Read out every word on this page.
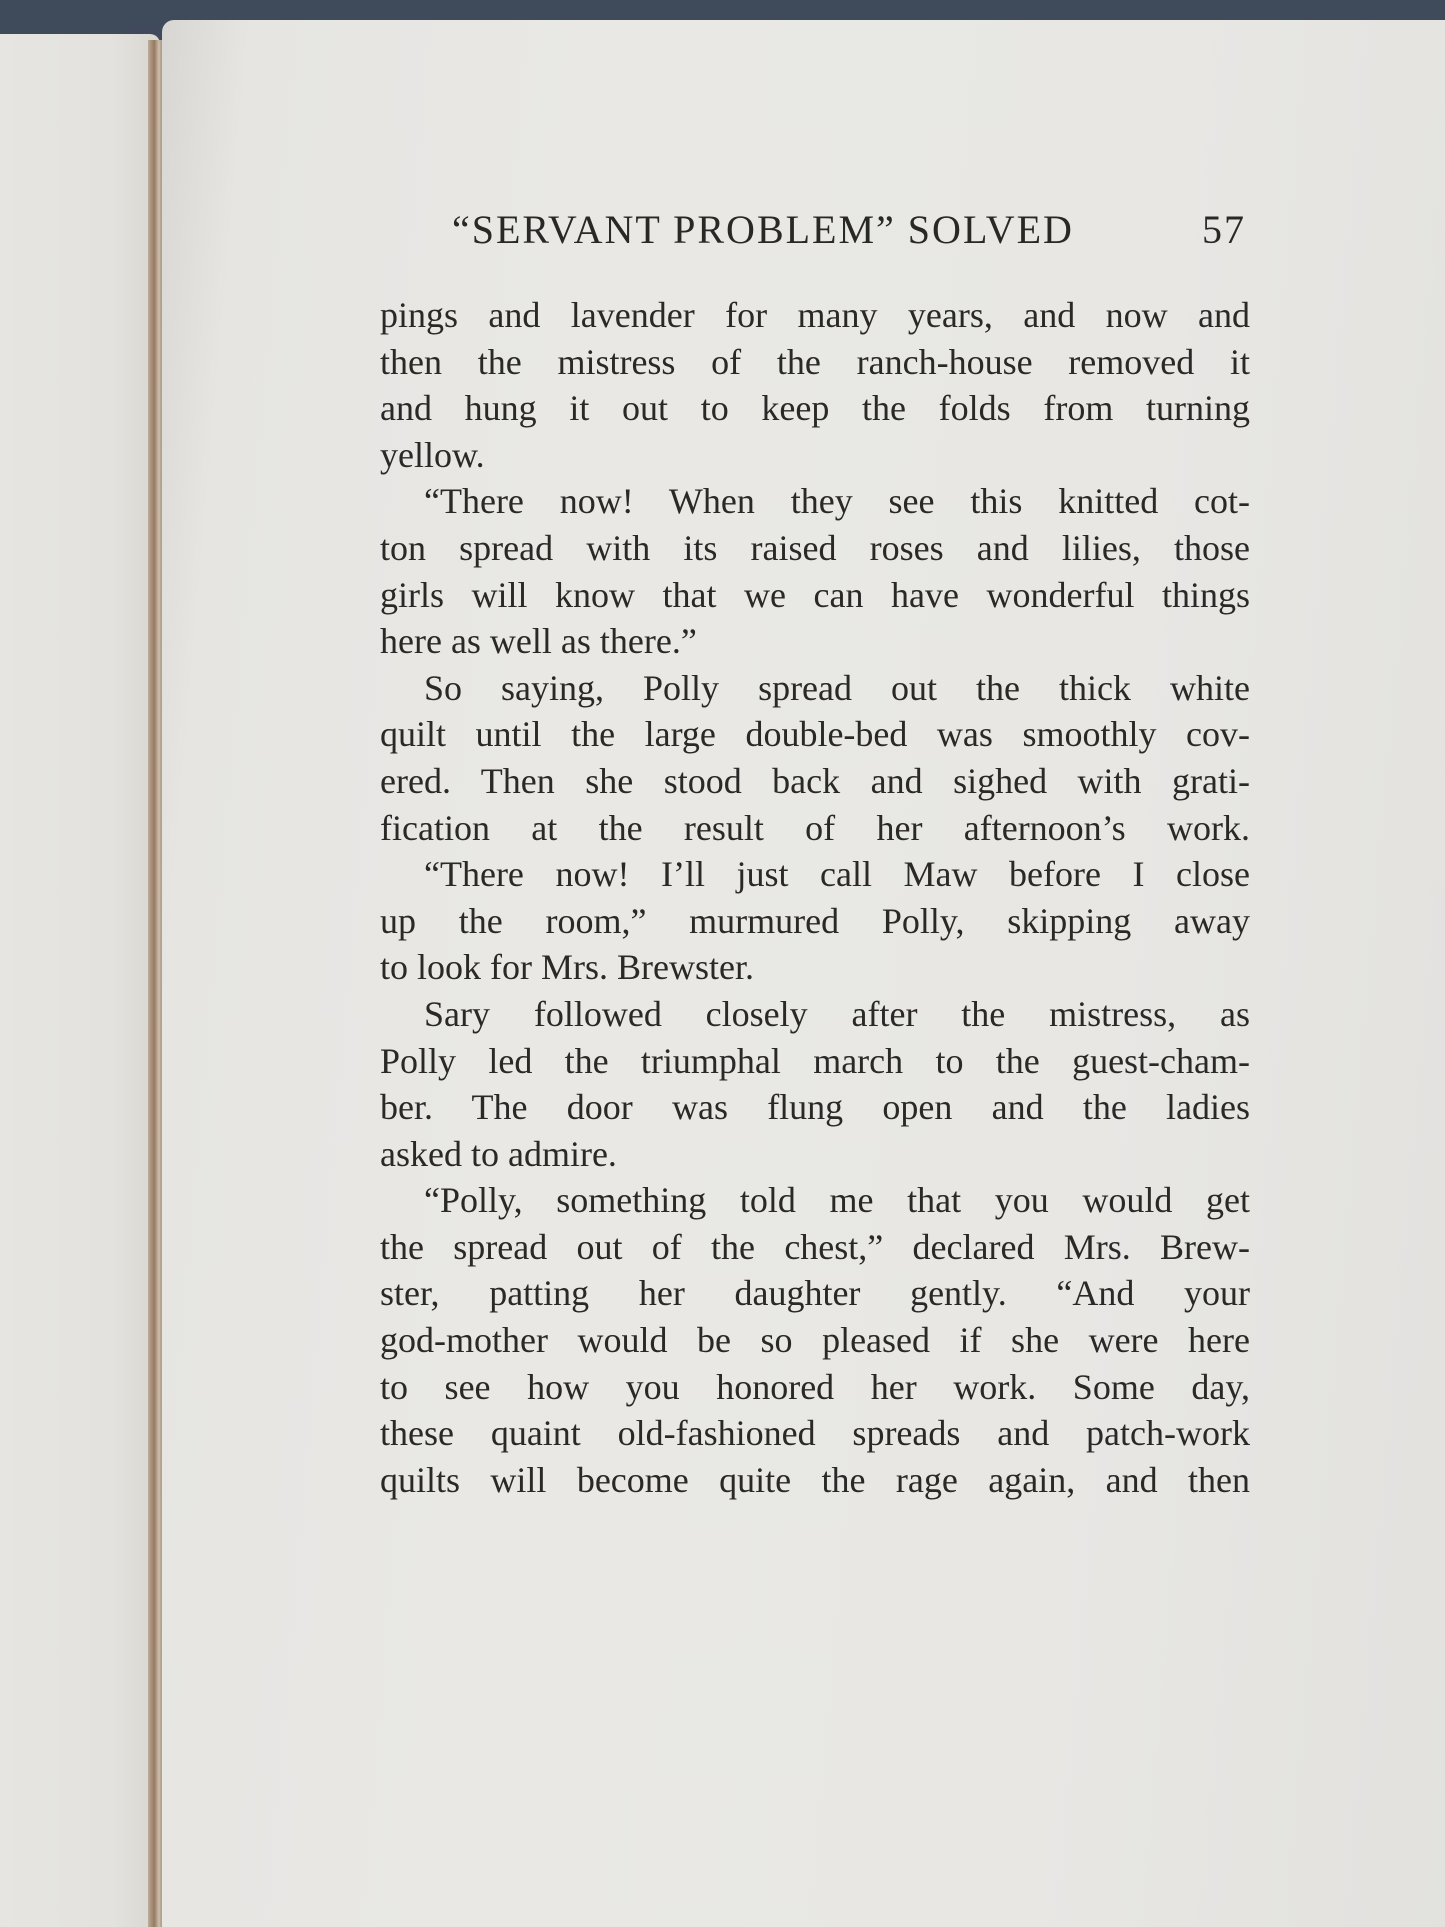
“SERVANT PROBLEM” SOLVED	57
pings and lavender for many years, and now and
then the mistress of the ranch-house removed it
and hung it out to keep the folds from turning
yellow.
“There now! When they see this knitted cot-
ton spread with its raised roses and lilies, those
girls will know that we can have wonderful things
here as well as there.”
So saying, Polly spread out the thick white
quilt until the large double-bed was smoothly cov-
ered. Then she stood back and sighed with grati-
fication at the result of her afternoon’s work.
“There now! I’ll just call Maw before I close
up the room,” murmured Polly, skipping away
to look for Mrs. Brewster.
Sary followed closely after the mistress, as
Polly led the triumphal march to the guest-cham-
ber. The door was flung open and the ladies
asked to admire.
“Polly, something told me that you would get
the spread out of the chest,” declared Mrs. Brew-
ster, patting her daughter gently. “And your
god-mother would be so pleased if she were here
to see how you honored her work. Some day,
these quaint old-fashioned spreads and patch-work
quilts will become quite the rage again, and then
